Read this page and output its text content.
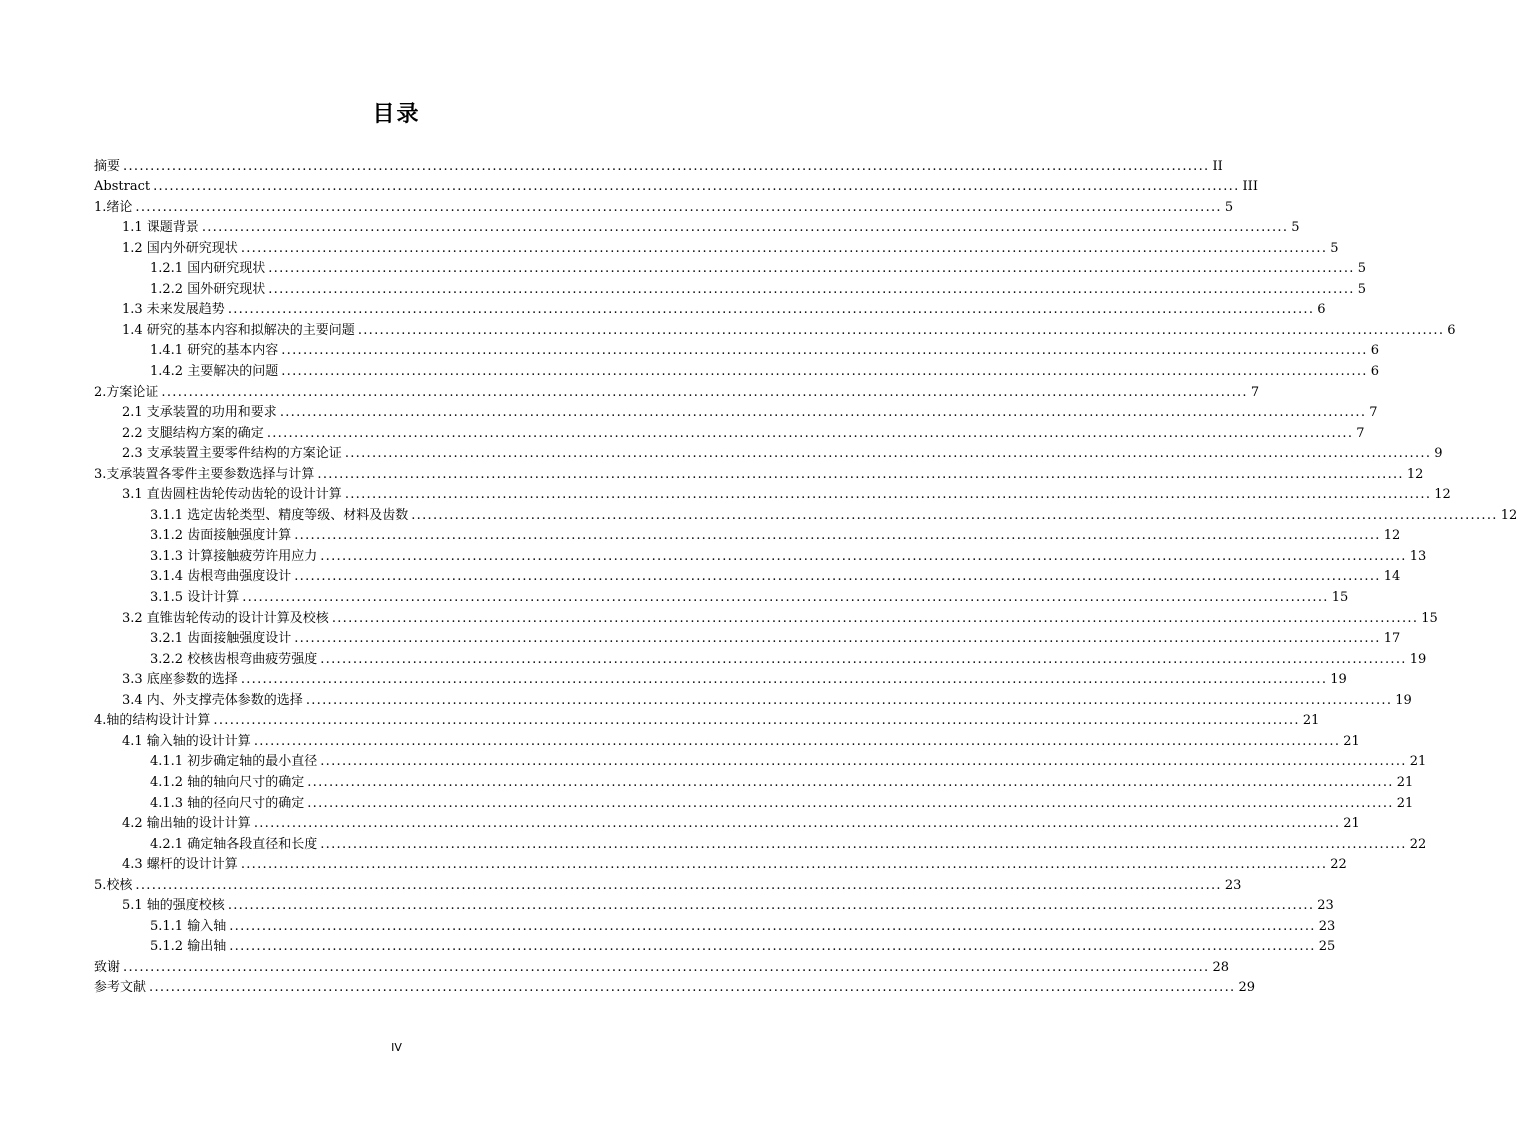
目录
摘要 ........................................................................................................................................................................................................ II
Abstract ........................................................................................................................................................................................................ III
1.绪论 ........................................................................................................................................................................................................ 5
1.1 课题背景 ........................................................................................................................................................................................................ 5
1.2 国内外研究现状 ........................................................................................................................................................................................................ 5
1.2.1 国内研究现状 ........................................................................................................................................................................................................ 5
1.2.2 国外研究现状 ........................................................................................................................................................................................................ 5
1.3 未来发展趋势 ........................................................................................................................................................................................................ 6
1.4 研究的基本内容和拟解决的主要问题 ........................................................................................................................................................................................................ 6
1.4.1 研究的基本内容 ........................................................................................................................................................................................................ 6
1.4.2 主要解决的问题 ........................................................................................................................................................................................................ 6
2.方案论证 ........................................................................................................................................................................................................ 7
2.1 支承装置的功用和要求 ........................................................................................................................................................................................................ 7
2.2 支腿结构方案的确定 ........................................................................................................................................................................................................ 7
2.3 支承装置主要零件结构的方案论证 ........................................................................................................................................................................................................ 9
3.支承装置各零件主要参数选择与计算 ........................................................................................................................................................................................................ 12
3.1 直齿圆柱齿轮传动齿轮的设计计算 ........................................................................................................................................................................................................ 12
3.1.1 选定齿轮类型、精度等级、材料及齿数 ........................................................................................................................................................................................................ 12
3.1.2 齿面接触强度计算 ........................................................................................................................................................................................................ 12
3.1.3 计算接触疲劳许用应力 ........................................................................................................................................................................................................ 13
3.1.4 齿根弯曲强度设计 ........................................................................................................................................................................................................ 14
3.1.5 设计计算 ........................................................................................................................................................................................................ 15
3.2 直锥齿轮传动的设计计算及校核 ........................................................................................................................................................................................................ 15
3.2.1 齿面接触强度设计 ........................................................................................................................................................................................................ 17
3.2.2 校核齿根弯曲疲劳强度 ........................................................................................................................................................................................................ 19
3.3 底座参数的选择 ........................................................................................................................................................................................................ 19
3.4 内、外支撑壳体参数的选择 ........................................................................................................................................................................................................ 19
4.轴的结构设计计算 ........................................................................................................................................................................................................ 21
4.1 输入轴的设计计算 ........................................................................................................................................................................................................ 21
4.1.1 初步确定轴的最小直径 ........................................................................................................................................................................................................ 21
4.1.2 轴的轴向尺寸的确定 ........................................................................................................................................................................................................ 21
4.1.3 轴的径向尺寸的确定 ........................................................................................................................................................................................................ 21
4.2 输出轴的设计计算 ........................................................................................................................................................................................................ 21
4.2.1 确定轴各段直径和长度 ........................................................................................................................................................................................................ 22
4.3 螺杆的设计计算 ........................................................................................................................................................................................................ 22
5.校核 ........................................................................................................................................................................................................ 23
5.1 轴的强度校核 ........................................................................................................................................................................................................ 23
5.1.1 输入轴 ........................................................................................................................................................................................................ 23
5.1.2 输出轴 ........................................................................................................................................................................................................ 25
致谢 ........................................................................................................................................................................................................ 28
参考文献 ........................................................................................................................................................................................................ 29
IV
